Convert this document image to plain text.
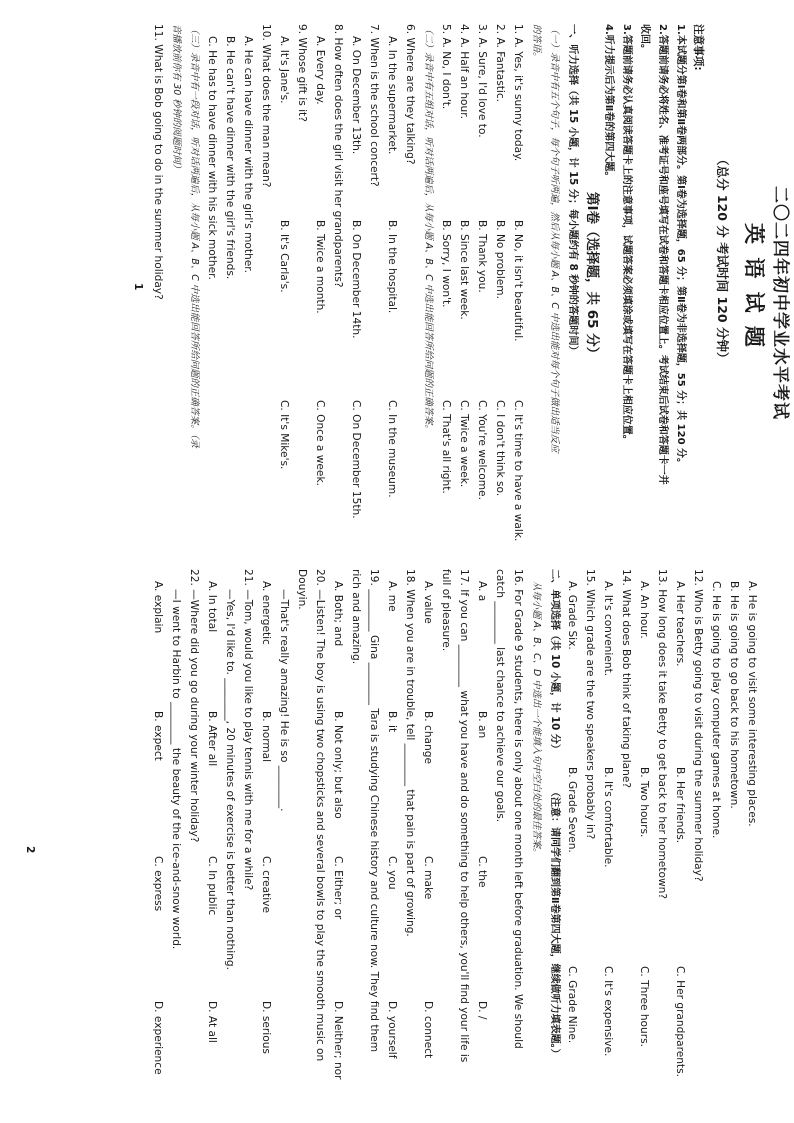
二〇二四年初中学业水平考试
英 语 试 题
（总分 120 分 考试时间 120 分钟）
注意事项:
1.本试题分第Ⅰ卷和第Ⅱ卷两部分。第Ⅰ卷为选择题，65 分；第Ⅱ卷为非选择题，55 分；共 120 分。
2.答题前请务必将姓名、准考证号和座号填写在试卷和答题卡相应位置上。考试结束后试卷和答题卡一并
收回。
3.答题前请务必认真阅读答题卡上的注意事项，试题答案必须填涂或填写在答题卡上相应位置。
4.听力提示后为第Ⅱ卷的第四大题。
第Ⅰ卷（选择题，共 65 分）
一、听力选择（共 15 小题，计 15 分；每小题约有 8 秒钟的答题时间）
（一）录音中有五个句子，每个句子听两遍，然后从每小题 A、B、C 中选出能对每个句子做出适当反应
的答语。
1. A. Yes, it's sunny today.
B. No, it isn't beautiful.
C. It's time to have a walk.
2. A. Fantastic.
B. No problem.
C. I don't think so.
3. A. Sure, I'd love to.
B. Thank you.
C. You're welcome.
4. A. Half an hour.
B. Since last week.
C. Twice a week.
5. A. No, I don't.
B. Sorry, I won't.
C. That's all right.
（二）录音中有五组对话，听对话两遍后，从每小题 A、B、C 中选出能回答所给问题的正确答案。
6. Where are they talking?
A. In the supermarket.
B. In the hospital.
C. In the museum.
7. When is the school concert?
A. On December 13th.
B. On December 14th.
C. On December 15th.
8. How often does the girl visit her grandparents?
A. Every day.
B. Twice a month.
C. Once a week.
9. Whose gift is it?
A. It's Jane's.
B. It's Carla's.
C. It's Mike's.
10. What does the man mean?
A. He can have dinner with the girl's mother.
B. He can't have dinner with the girl's friends.
C. He has to have dinner with his sick mother.
（三）录音中有一段对话，听对话两遍后，从每小题 A、B、C 中选出能回答所给问题的正确答案。（录
音播放前你有 30 秒钟的阅题时间）
11. What is Bob going to do in the summer holiday?
1
A. He is going to visit some interesting places.
B. He is going to go back to his hometown.
C. He is going to play computer games at home.
12. Who is Betty going to visit during the summer holiday?
A. Her teachers.
B. Her friends.
C. Her grandparents.
13. How long does it take Betty to get back to her hometown?
A. An hour.
B. Two hours.
C. Three hours.
14. What does Bob think of taking plane?
A. It's convenient.
B. It's comfortable.
C. It's expensive.
15. Which grade are the two speakers probably in?
A. Grade Six.
B. Grade Seven.
C. Grade Nine.
二、单项选择（共 10 小题，计 10 分）
（注意：请同学们翻到第Ⅱ卷第四大题，继续做听力填表题。）
从每小题 A、B、C、D 中选出一个能填入句中空白处的最佳答案。
16. For Grade 9 students, there is only about one month left before graduation. We should
catch ________ last chance to achieve our goals.
A. a
B. an
C. the
D. /
17. If you can ________ what you have and do something to help others, you'll find your life is
full of pleasure.
A. value
B. change
C. make
D. connect
18. When you are in trouble, tell ________ that pain is part of growing.
A. me
B. it
C. you
D. yourself
19. ________ Gina ________ Tara is studying Chinese history and culture now. They find them
rich and amazing.
A. Both; and
B. Not only; but also
C. Either; or
D. Neither; nor
20. —Listen! The boy is using two chopsticks and several bowls to play the smooth music on
Douyin.
—That's really amazing! He is so ________.
A. energetic
B. normal
C. creative
D. serious
21. —Tom, would you like to play tennis with me for a while?
—Yes, I'd like to. ________, 20 minutes of exercise is better than nothing.
A. In total
B. After all
C. In public
D. At all
22. —Where did you go during your winter holiday?
—I went to Harbin to ________ the beauty of the ice-and-snow world.
A. explain
B. expect
C. express
D. experience
2
